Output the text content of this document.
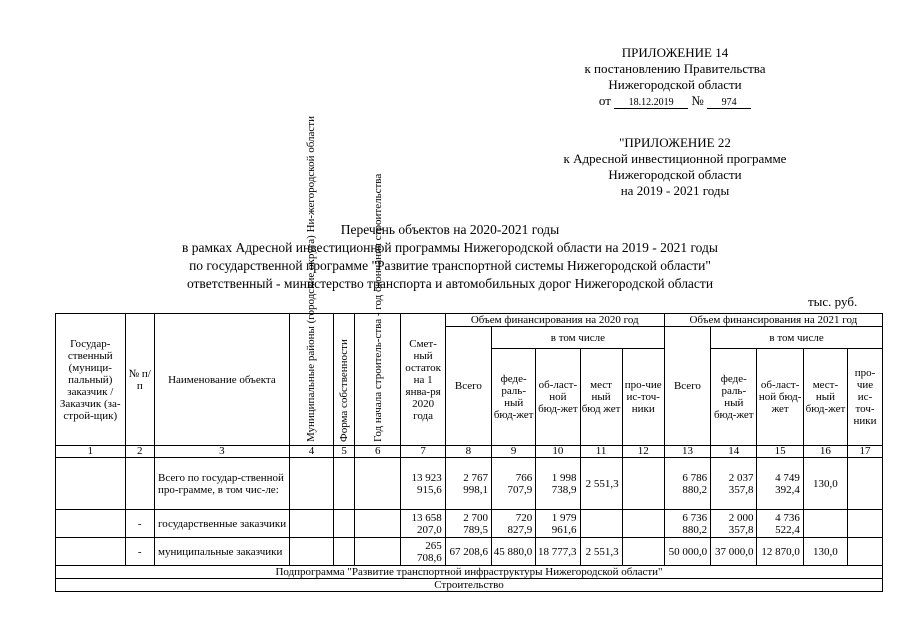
ПРИЛОЖЕНИЕ 14
к постановлению Правительства
Нижегородской области
от 18.12.2019 № 974
"ПРИЛОЖЕНИЕ 22
к Адресной инвестиционной программе
Нижегородской области
на 2019 - 2021 годы
Перечень объектов на 2020-2021 годы
в рамках Адресной инвестиционной программы Нижегородской области на 2019 - 2021 годы
по государственной программе "Развитие транспортной системы Нижегородской области"
ответственный - министерство транспорта и автомобильных дорог Нижегородской области
тыс. руб.
Государ-ственный (муници-пальный) заказчик /Заказчик (за-строй-щик)	№ п/п	Наименование объекта	Муниципальные районы (городские округа) Ни-жегородской области	Форма собственности	Год начала строитель-ства - год окончания строительства	Смет-ный остаток на 1 янва-ря 2020 года	Объем финансирования на 2020 год					Объем финансирования на 2021 год				
							Всего	в том числе				Всего	в том числе			
								феде-раль-ный бюд-жет	об-ласт-ной бюд-жет	мест ный бюд жет	про-чие ис-точ-ники		феде-раль-ный бюд-жет	об-ласт-ной бюд-жет	мест-ный бюд-жет	про-чие ис-точ-ники
1	2	3	4	5	6	7	8	9	10	11	12	13	14	15	16	17
		Всего по государ-ственной про-грамме, в том чис-ле:				13 923 915,6	2 767 998,1	766 707,9	1 998 738,9	2 551,3		6 786 880,2	2 037 357,8	4 749 392,4	130,0	
	-	государственные заказчики				13 658 207,0	2 700 789,5	720 827,9	1 979 961,6			6 736 880,2	2 000 357,8	4 736 522,4		
	-	муниципальные заказчики				265 708,6	67 208,6	45 880,0	18 777,3	2 551,3		50 000,0	37 000,0	12 870,0	130,0	
Подпрограмма "Развитие транспортной инфраструктуры Нижегородской области"																
Строительство																
